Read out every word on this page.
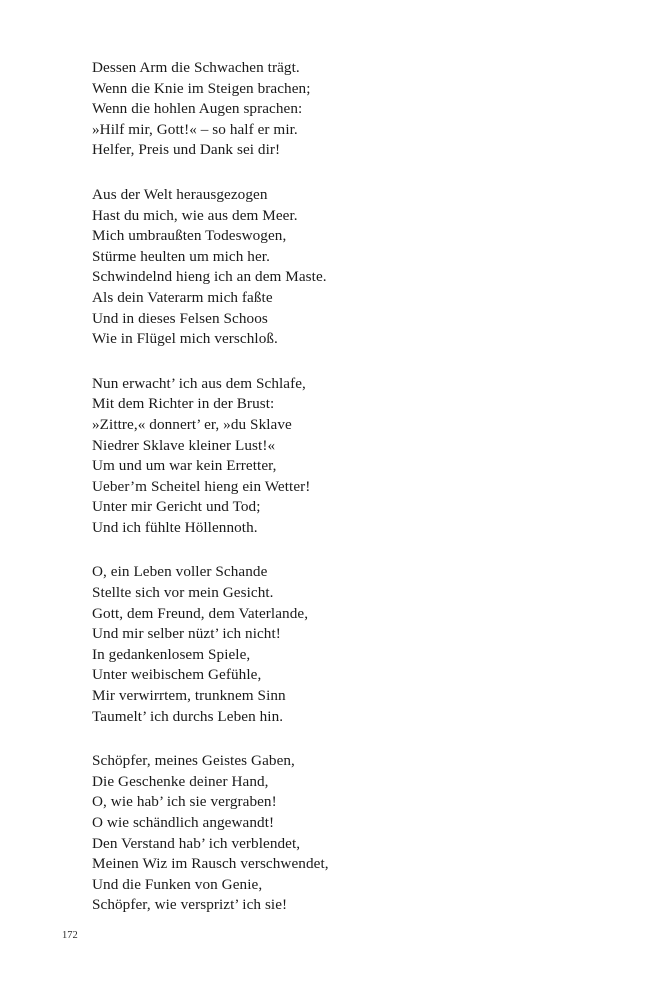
Dessen Arm die Schwachen trägt.
Wenn die Knie im Steigen brachen;
Wenn die hohlen Augen sprachen:
»Hilf mir, Gott!« – so half er mir.
Helfer, Preis und Dank sei dir!
Aus der Welt herausgezogen
Hast du mich, wie aus dem Meer.
Mich umbraußten Todeswogen,
Stürme heulten um mich her.
Schwindelnd hieng ich an dem Maste.
Als dein Vaterarm mich faßte
Und in dieses Felsen Schoos
Wie in Flügel mich verschloß.
Nun erwacht’ ich aus dem Schlafe,
Mit dem Richter in der Brust:
»Zittre,« donnert’ er, »du Sklave
Niedrer Sklave kleiner Lust!«
Um und um war kein Erretter,
Ueber’m Scheitel hieng ein Wetter!
Unter mir Gericht und Tod;
Und ich fühlte Höllennoth.
O, ein Leben voller Schande
Stellte sich vor mein Gesicht.
Gott, dem Freund, dem Vaterlande,
Und mir selber nüzt’ ich nicht!
In gedankenlosem Spiele,
Unter weibischem Gefühle,
Mir verwirrtem, trunknem Sinn
Taumelt’ ich durchs Leben hin.
Schöpfer, meines Geistes Gaben,
Die Geschenke deiner Hand,
O, wie hab’ ich sie vergraben!
O wie schändlich angewandt!
Den Verstand hab’ ich verblendet,
Meinen Wiz im Rausch verschwendet,
Und die Funken von Genie,
Schöpfer, wie versprizt’ ich sie!
172
